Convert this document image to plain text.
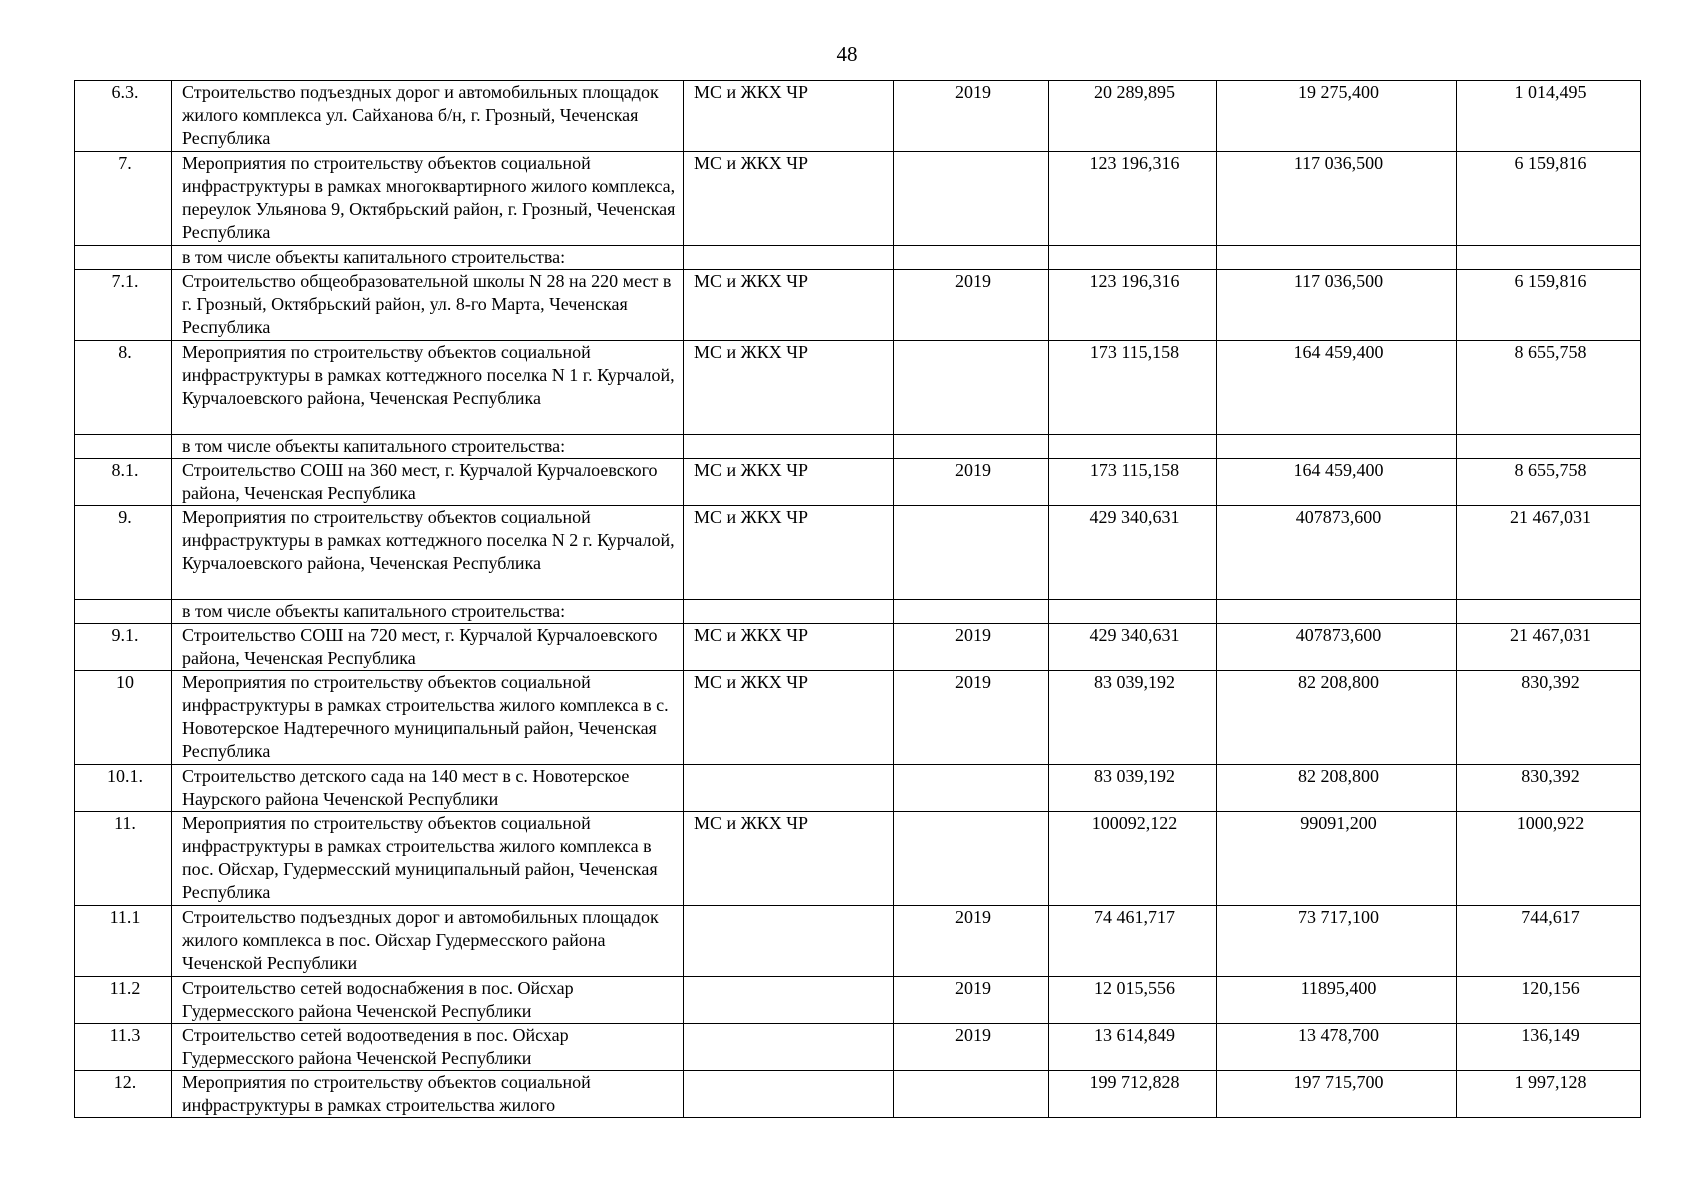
48
6.3.	Строительство подъездных дорог и автомобильных площадок жилого комплекса ул. Сайханова б/н, г. Грозный, Чеченская Республика	МС и ЖКХ ЧР	2019	20 289,895	19 275,400	1 014,495
7.	Мероприятия по строительству объектов социальной инфраструктуры в рамках многоквартирного жилого комплекса, переулок Ульянова 9, Октябрьский район, г. Грозный, Чеченская Республика	МС и ЖКХ ЧР		123 196,316	117 036,500	6 159,816
	в том числе объекты капитального строительства:					
7.1.	Строительство общеобразовательной школы N 28 на 220 мест в г. Грозный, Октябрьский район, ул. 8-го Марта, Чеченская Республика	МС и ЖКХ ЧР	2019	123 196,316	117 036,500	6 159,816
8.	Мероприятия по строительству объектов социальной инфраструктуры в рамках коттеджного поселка N 1 г. Курчалой, Курчалоевского района, Чеченская Республика	МС и ЖКХ ЧР		173 115,158	164 459,400	8 655,758
	в том числе объекты капитального строительства:					
8.1.	Строительство СОШ на 360 мест, г. Курчалой Курчалоевского района, Чеченская Республика	МС и ЖКХ ЧР	2019	173 115,158	164 459,400	8 655,758
9.	Мероприятия по строительству объектов социальной инфраструктуры в рамках коттеджного поселка N 2 г. Курчалой, Курчалоевского района, Чеченская Республика	МС и ЖКХ ЧР		429 340,631	407873,600	21 467,031
	в том числе объекты капитального строительства:					
9.1.	Строительство СОШ на 720 мест, г. Курчалой Курчалоевского района, Чеченская Республика	МС и ЖКХ ЧР	2019	429 340,631	407873,600	21 467,031
10	Мероприятия по строительству объектов социальной инфраструктуры в рамках строительства жилого комплекса в с. Новотерское Надтеречного муниципальный район, Чеченская Республика	МС и ЖКХ ЧР	2019	83 039,192	82 208,800	830,392
10.1.	Строительство детского сада на 140 мест в с. Новотерское Наурского района Чеченской Республики			83 039,192	82 208,800	830,392
11.	Мероприятия по строительству объектов социальной инфраструктуры в рамках строительства жилого комплекса в пос. Ойсхар, Гудермесский муниципальный район, Чеченская Республика	МС и ЖКХ ЧР		100092,122	99091,200	1000,922
11.1	Строительство подъездных дорог и автомобильных площадок жилого комплекса в пос. Ойсхар Гудермесского района Чеченской Республики		2019	74 461,717	73 717,100	744,617
11.2	Строительство сетей водоснабжения в пос. Ойсхар Гудермесского района Чеченской Республики		2019	12 015,556	11895,400	120,156
11.3	Строительство сетей водоотведения в пос. Ойсхар Гудермесского района Чеченской Республики		2019	13 614,849	13 478,700	136,149
12.	Мероприятия по строительству объектов социальной инфраструктуры в рамках строительства жилого			199 712,828	197 715,700	1 997,128
